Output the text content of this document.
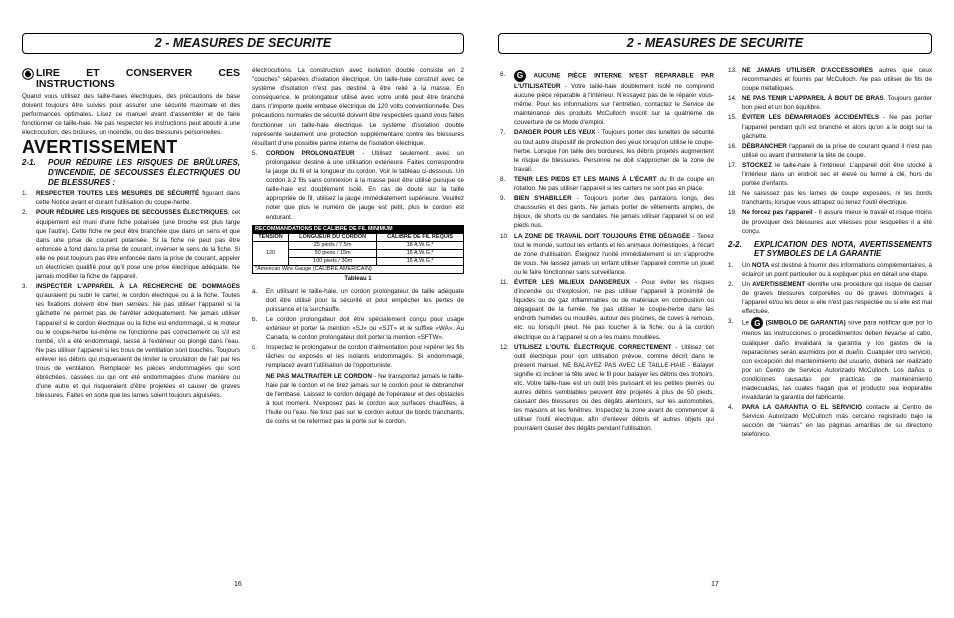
2 - MEASURES DE SECURITE
LIRE ET CONSERVER CES INSTRUCTIONS

Quand vous utilisez des taille-haies électriques, des précautions de base doivent toujours être suivies pour assurer une sécurité maximale et des performances optimales. Lisez ce manuel avant d'assembler et de faire fonctionner ce taille-haie. Ne pas respecter les instructions peut aboutir à une électrocution, des brûlures, un incendie, ou des blessures personnelles.

AVERTISSEMENT
2-1.	POUR RÉDUIRE LES RISQUES DE BRÛLURES, D'INCENDIE, DE SECOUSSES ÉLECTRIQUES OU DE BLESSURES :
1.	RESPECTER TOUTES LES MESURES DE SÉCURITÉ figurant dans cette Notice avant et durant l'utilisation du coupe-herbe.
2.	POUR RÉDUIRE LES RISQUES DE SECOUSSES ÉLECTRIQUES, cet équipement est muni d'une fiche polarisée (une broche est plus large que l'autre). Cette fiche ne peut être branchée que dans un sens et que dans une prise de courant polarisée. Si la fiche ne peut pas être enfoncée à fond dans la prise de courant, inverser le sens de la fiche. Si elle ne peut toujours pas être enfoncée dans la prise de courant, appeler un électricien qualifié pour qu'il pose une prise électrique adéquate. Ne jamais modifier la fiche de l'appareil.
3.	INSPECTER L'APPAREIL À LA RECHERCHE DE DOMMAGES qu'auraient pu subir le carter, le cordon électrique ou à la fiche. Toutes les fixations doivent être bien serrées. Ne pas utiliser l'appareil si la gâchette ne permet pas de l'arrêter adéquatement. Ne jamais utiliser l'appareil si le cordon électrique ou la fiche est endommagé, si le moteur ou le coupe-herbe lui-même ne fonctionne pas correctement ou s'il est tombé, s'il a été endommagé, laissé à l'extérieur ou plongé dans l'eau. Ne pas utiliser l'appareil si les trous de ventilation sont bouchés. Toujours enlever les débris qui risqueraient de limiter la circulation de l'air par les trous de ventilation. Remplacer les pièces endommagées qui sont ébréchées, cassées ou qui ont été endommagées d'une manière ou d'une autre et qui risqueraient d'être projetées et causer de graves blessures. Faites en sorte que les lames soient toujours aiguisées.

électrocutions. La construction avec isolation double consiste en 2 "couches" séparées d'isolation électrique. Un taille-haie construit avec ce système d'isolation n'est pas destiné à être relié à la masse. En conséquence, le prolongateur utilisé avec votre unité peut être branché dans n'importe quelle embase électrique de 120 volts conventionnelle. Des précautions normales de sécurité doivent être respectées quand vous faites fonctionner un taille-haie électrique. Le système d'isolation double représente seulement une protection supplémentaire contre les blessures résultant d'une possible panne interne de l'isolation électrique.

5.	CORDON PROLONGATEUR - Utilisez seulement avec un prolongateur destiné à une utilisation extérieure. Faites correspondre la jauge du fil et la longueur du cordon. Voir le tableau ci-dessous. Un cordon à 2 fils sans connexion à la masse peut être utilisé puisque ce taille-haie est doublement isolé. En cas de doute sur la taille appropriée de fil, utilisez la jauge immédiatement supérieure. Veuillez noter que plus le numéro de jauge est petit, plus le cordon est endurant.
RECOMMANDATIONS DE CALIBRE DE FIL MINIMUM		
TENSION	LONGUEUR DU CORDON	CALIBRE DE FIL REQUIS
120	25 pieds / 7,5m	18 A.W.G.*
	50 pieds / 15m	16 A.W.G.*
	100 pieds / 30m	16 A.W.G.*
*American Wire Gauge (CALIBRE AMERICAIN)		
Tableau 1
a.	En utilisant le taille-haie, un cordon prolongateur de taille adéquate doit être utilisé pour la sécurité et pour empêcher les pertes de puissance et la surchauffe.
b.	Le cordon prolongateur doit être spécialement conçu pour usage extérieur et porter la mention «SJ» ou «SJT» et le suffixe «WA». Au Canada, le cordon prolongateur doit porter la mention «SFTW».
c.	Inspectez le prolongateur de cordon d'alimentation pour repérer les fils lâches ou exposés et les isolants endommagés. Si endommagé, remplacez avant l'utilisation de l'opportuniste.
NE PAS MALTRAITER LE CORDON - Ne transportez jamais le taille-haie par le cordon et ne tirez jamais sur le cordon pour le débrancher de l'embase. Laissez le cordon dégagé de l'opérateur et des obstacles à tout moment. N'exposez pas le cordon aux surfaces chauffées, à l'huile ou l'eau. Ne tirez pas sur le cordon autour de bords tranchants, de coins et ne refermez pas la porte sur le cordon.
16
2 - MEASURES DE SECURITE
6.	G AUCUNE PIÈCE INTERNE N'EST RÉPARABLE PAR L'UTILISATEUR - Votre taille-haie doublement isolé ne comprend aucune pièce réparable à l'intérieur. N'essayez pas de le réparer vous-même. Pour les informations sur l'entretien, contactez le Service de maintenance des produits McCulloch inscrit sur la quatrième de couverture de ce Mode d'emploi.
7.	DANGER POUR LES YEUX - Toujours porter des lunettes de sécurité ou tout autre dispositif de protection des yeux lorsqu'on utilise le coupe-herbe. Lorsque l'on taille des bordures, les débris projetés augmentent le risque de blessures. Personne ne doit s'approcher de la zone de travail.
8.	TENIR LES PIEDS ET LES MAINS À L'ÉCART du fil de coupe en rotation. Ne pas utiliser l'appareil si les carters ne sont pas en place.
9.	BIEN S'HABILLER - Toujours porter des pantalons longs, des chaussures et des gants. Ne jamais porter de vêtements amples, de bijoux, de shorts ou de sandales. Ne jamais utiliser l'appareil si on est pieds nus.
10. LA ZONE DE TRAVAIL DOIT TOUJOURS ÊTRE DÉGAGÉE - Tenez tout le monde, surtout les enfants et les animaux domestiques, à l'écart de zone d'utilisation. Éteignez l'unité immédiatement si on s'approche de vous. Ne laissez jamais un enfant utiliser l'appareil comme un jouet ou le faire fonctionner sans surveillance.
11. ÉVITER LES MILIEUX DANGEREUX - Pour éviter les risques d'incendie ou d'explosion, ne pas utiliser l'appareil à proximité de liquides ou de gaz inflammables ou de matériaux en combustion ou dégageant de la fumée. Ne pas utiliser le coupe-herbe dans les endroits humides ou mouillés, autour des piscines, de cuves à remous, etc. ou lorsqu'il pleut. Ne pas toucher à la fiche, ou à la cordon électrique ou à l'appareil si on a les mains mouillées.
12. UTILISEZ L'OUTIL ÉLECTRIQUE CORRECTEMENT - Utilisez cet outil électrique pour son utilisation prévue, comme décrit dans le présent manuel. NE BALAYEZ PAS AVEC LE TAILLE-HAIE - Balayer signifie ici incliner la tête avec le fil pour balayer les débris des trottoirs, etc. Votre taille-haie est un outil très puissant et les petites pierres ou autres débris semblables peuvent être projetés à plus de 50 pieds, causant des blessures ou des dégâts alentours, sur les automobiles, les maisons et les fenêtres. Inspectez la zone avant de commencer à utiliser l'outil électrique, afin d'enlever débris et autres objets qui pourraient causer des dégâts pendant l'utilisation.
13. NE JAMAIS UTILISER D'ACCESSOIRES autres que ceux recommandés et fournis par McCulloch. Ne pas utiliser de fils de coupe métalliques.
14. NE PAS TENIR L'APPAREIL À BOUT DE BRAS. Toujours garder bon pied et un bon équilibre.
15. ÉVITER LES DÉMARRAGES ACCIDENTELS - Ne pas porter l'appareil pendant qu'il est branché et alors qu'on a le doigt sur la gâchette.
16. DÉBRANCHER l'appareil de la prise de courant quand il n'est pas utilisé ou avant d'entretenir la tête de coupe.
17. STOCKEZ le taille-haie à l'intérieur. L'appareil doit être stocké à l'intérieur dans un endroit sec et élevé ou fermé à clé, hors de portée d'enfants.
18. Ne saisissez pas les lames de coupe exposées, ni les bords tranchants, lorsque vous attrapez ou tenez l'outil électrique.
19. Ne forcez pas l'appareil - Il assure mieux le travail et risque moins de provoquer des blessures aux vitesses pour lesquelles il a été conçu.
2-2.	EXPLICATION DES NOTA, AVERTISSEMENTS ET SYMBOLES DE LA GARANTIE
1.	Un NOTA est destiné à fournir des informations complémentaires, à éclaircir un point particulier ou à expliquer plus en détail une étape.
2.	Un AVERTISSEMENT identifie une procédure qui risque de causer de graves blessures corporelles ou de graves dommages à l'appareil et/ou les deux si elle n'est pas respectée ou si elle est mal effectuée.
3.	Le G (SIMBOLO DE GARANTIA) sirve para notificar que por lo menos las instrucciones o procedimientos deben llevarse al cabo, cualiquier daño invalidará la garantía y los gastos de la reparaciones serán asumidos por el dueño. Cualquier otro servicio, con excepción del mantenimiento del usuario, deberá ser realizado por un Centro de Servicio Autorizado McCulloch. Los daños o condiciones causadas por practicas de mantenimiento inadecuadas, las cuales hagan que el producto sea inoperable invalidarán la garantía del fabricante.
4.	PARA LA GARANTIA O EL SERVICIO contacte al Centro de Servicio Autorizado McCulloch más cercano registrado bajo la sección de "sierras" en las páginas amarillas de su directorio telefónico.
17
